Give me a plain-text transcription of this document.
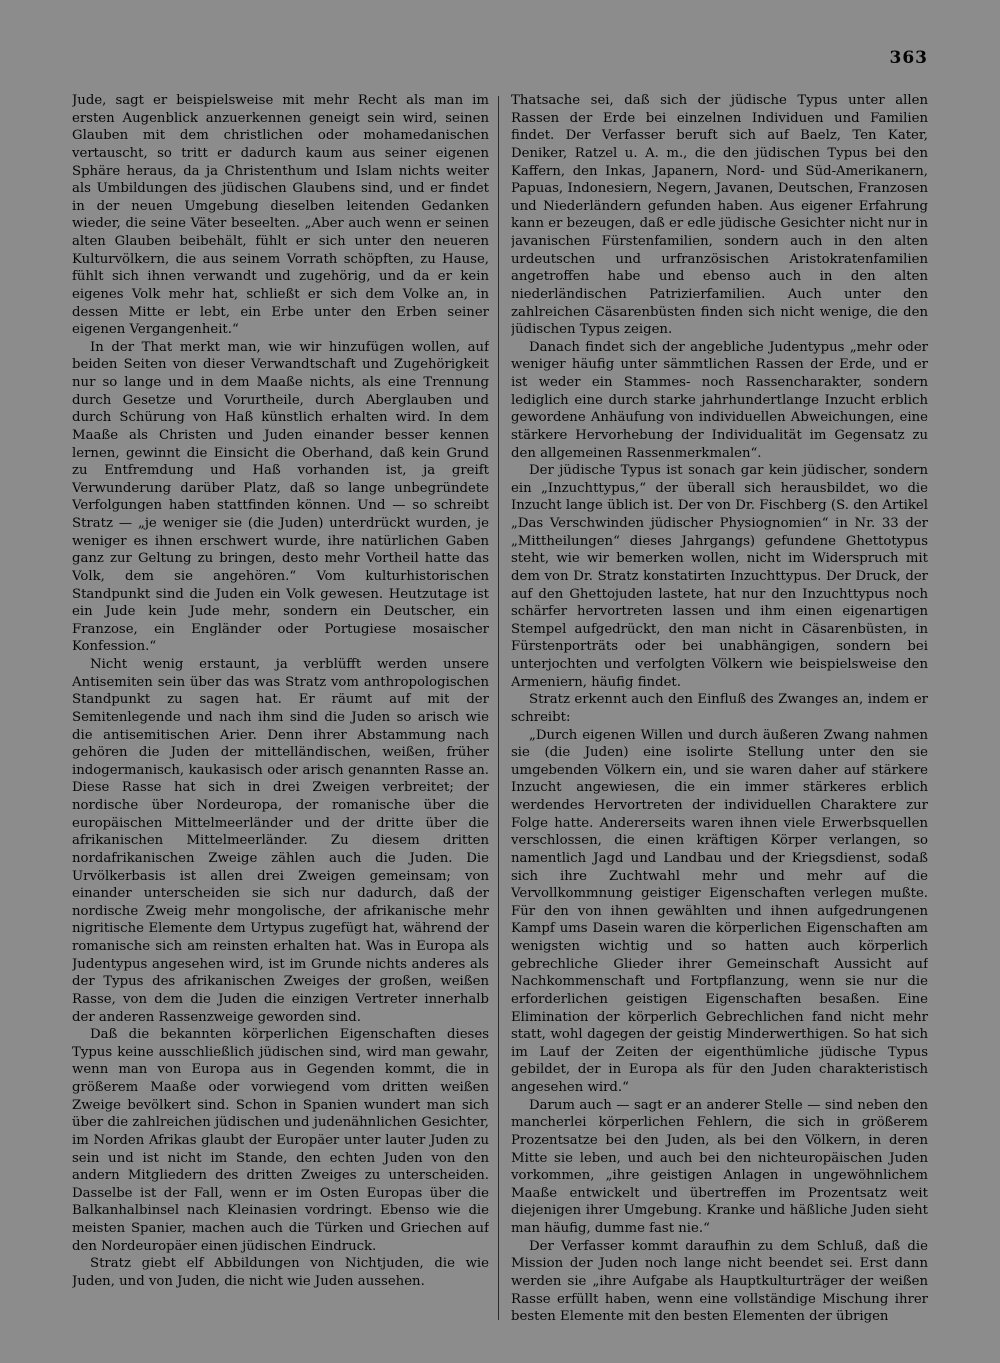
363

Jude, sagt er beispielsweise mit mehr Recht als man im ersten Augenblick anzuerkennen geneigt sein wird, seinen Glauben mit dem christlichen oder mohamedanischen vertauscht, so tritt er dadurch kaum aus seiner eigenen Sphäre heraus, da ja Christenthum und Islam nichts weiter als Umbildungen des jüdischen Glaubens sind, und er findet in der neuen Umgebung dieselben leitenden Gedanken wieder, die seine Väter beseelten. „Aber auch wenn er seinen alten Glauben beibehält, fühlt er sich unter den neueren Kulturvölkern, die aus seinem Vorrath schöpften, zu Hause, fühlt sich ihnen verwandt und zugehörig, und da er kein eigenes Volk mehr hat, schließt er sich dem Volke an, in dessen Mitte er lebt, ein Erbe unter den Erben seiner eigenen Vergangenheit.“

In der That merkt man, wie wir hinzufügen wollen, auf beiden Seiten von dieser Verwandtschaft und Zugehörigkeit nur so lange und in dem Maaße nichts, als eine Trennung durch Gesetze und Vorurtheile, durch Aberglauben und durch Schürung von Haß künstlich erhalten wird. In dem Maaße als Christen und Juden einander besser kennen lernen, gewinnt die Einsicht die Oberhand, daß kein Grund zu Entfremdung und Haß vorhanden ist, ja greift Verwunderung darüber Platz, daß so lange unbegründete Verfolgungen haben stattfinden können. Und — so schreibt Stratz — „je weniger sie (die Juden) unterdrückt wurden, je weniger es ihnen erschwert wurde, ihre natürlichen Gaben ganz zur Geltung zu bringen, desto mehr Vortheil hatte das Volk, dem sie angehören.“ Vom kulturhistorischen Standpunkt sind die Juden ein Volk gewesen. Heutzutage ist ein Jude kein Jude mehr, sondern ein Deutscher, ein Franzose, ein Engländer oder Portugiese mosaischer Konfession.“

Nicht wenig erstaunt, ja verblüfft werden unsere Antisemiten sein über das was Stratz vom anthropologischen Standpunkt zu sagen hat. Er räumt auf mit der Semitenlegende und nach ihm sind die Juden so arisch wie die antisemitischen Arier. Denn ihrer Abstammung nach gehören die Juden der mittelländischen, weißen, früher indogermanisch, kaukasisch oder arisch genannten Rasse an. Diese Rasse hat sich in drei Zweigen verbreitet; der nordische über Nordeuropa, der romanische über die europäischen Mittelmeerländer und der dritte über die afrikanischen Mittelmeerländer. Zu diesem dritten nordafrikanischen Zweige zählen auch die Juden. Die Urvölkerbasis ist allen drei Zweigen gemeinsam; von einander unterscheiden sie sich nur dadurch, daß der nordische Zweig mehr mongolische, der afrikanische mehr nigritische Elemente dem Urtypus zugefügt hat, während der romanische sich am reinsten erhalten hat. Was in Europa als Judentypus angesehen wird, ist im Grunde nichts anderes als der Typus des afrikanischen Zweiges der großen, weißen Rasse, von dem die Juden die einzigen Vertreter innerhalb der anderen Rassenzweige geworden sind.

Daß die bekannten körperlichen Eigenschaften dieses Typus keine ausschließlich jüdischen sind, wird man gewahr, wenn man von Europa aus in Gegenden kommt, die in größerem Maaße oder vorwiegend vom dritten weißen Zweige bevölkert sind. Schon in Spanien wundert man sich über die zahlreichen jüdischen und judenähnlichen Gesichter, im Norden Afrikas glaubt der Europäer unter lauter Juden zu sein und ist nicht im Stande, den echten Juden von den andern Mitgliedern des dritten Zweiges zu unterscheiden. Dasselbe ist der Fall, wenn er im Osten Europas über die Balkanhalbinsel nach Kleinasien vordringt. Ebenso wie die meisten Spanier, machen auch die Türken und Griechen auf den Nordeuropäer einen jüdischen Eindruck.

Stratz giebt elf Abbildungen von Nichtjuden, die wie Juden, und von Juden, die nicht wie Juden aussehen.

Thatsache sei, daß sich der jüdische Typus unter allen Rassen der Erde bei einzelnen Individuen und Familien findet. Der Verfasser beruft sich auf Baelz, Ten Kater, Deniker, Ratzel u. A. m., die den jüdischen Typus bei den Kaffern, den Inkas, Japanern, Nord- und Süd-Amerikanern, Papuas, Indonesiern, Negern, Javanen, Deutschen, Franzosen und Niederländern gefunden haben. Aus eigener Erfahrung kann er bezeugen, daß er edle jüdische Gesichter nicht nur in javanischen Fürstenfamilien, sondern auch in den alten urdeutschen und urfranzösischen Aristokratenfamilien angetroffen habe und ebenso auch in den alten niederländischen Patrizierfamilien. Auch unter den zahlreichen Cäsarenbüsten finden sich nicht wenige, die den jüdischen Typus zeigen.

Danach findet sich der angebliche Judentypus „mehr oder weniger häufig unter sämmtlichen Rassen der Erde, und er ist weder ein Stammes- noch Rassencharakter, sondern lediglich eine durch starke jahrhundertlange Inzucht erblich gewordene Anhäufung von individuellen Abweichungen, eine stärkere Hervorhebung der Individualität im Gegensatz zu den allgemeinen Rassenmerkmalen“.

Der jüdische Typus ist sonach gar kein jüdischer, sondern ein „Inzuchttypus,“ der überall sich herausbildet, wo die Inzucht lange üblich ist. Der von Dr. Fischberg (S. den Artikel „Das Verschwinden jüdischer Physiognomien“ in Nr. 33 der „Mittheilungen“ dieses Jahrgangs) gefundene Ghettotypus steht, wie wir bemerken wollen, nicht im Widerspruch mit dem von Dr. Stratz konstatirten Inzuchttypus. Der Druck, der auf den Ghettojuden lastete, hat nur den Inzuchttypus noch schärfer hervortreten lassen und ihm einen eigenartigen Stempel aufgedrückt, den man nicht in Cäsarenbüsten, in Fürstenporträts oder bei unabhängigen, sondern bei unterjochten und verfolgten Völkern wie beispielsweise den Armeniern, häufig findet.

Stratz erkennt auch den Einfluß des Zwanges an, indem er schreibt:

„Durch eigenen Willen und durch äußeren Zwang nahmen sie (die Juden) eine isolirte Stellung unter den sie umgebenden Völkern ein, und sie waren daher auf stärkere Inzucht angewiesen, die ein immer stärkeres erblich werdendes Hervortreten der individuellen Charaktere zur Folge hatte. Andererseits waren ihnen viele Erwerbsquellen verschlossen, die einen kräftigen Körper verlangen, so namentlich Jagd und Landbau und der Kriegsdienst, sodaß sich ihre Zuchtwahl mehr und mehr auf die Vervollkommnung geistiger Eigenschaften verlegen mußte. Für den von ihnen gewählten und ihnen aufgedrungenen Kampf ums Dasein waren die körperlichen Eigenschaften am wenigsten wichtig und so hatten auch körperlich gebrechliche Glieder ihrer Gemeinschaft Aussicht auf Nachkommenschaft und Fortpflanzung, wenn sie nur die erforderlichen geistigen Eigenschaften besaßen. Eine Elimination der körperlich Gebrechlichen fand nicht mehr statt, wohl dagegen der geistig Minderwerthigen. So hat sich im Lauf der Zeiten der eigenthümliche jüdische Typus gebildet, der in Europa als für den Juden charakteristisch angesehen wird.“

Darum auch — sagt er an anderer Stelle — sind neben den mancherlei körperlichen Fehlern, die sich in größerem Prozentsatze bei den Juden, als bei den Völkern, in deren Mitte sie leben, und auch bei den nichteuropäischen Juden vorkommen, „ihre geistigen Anlagen in ungewöhnlichem Maaße entwickelt und übertreffen im Prozentsatz weit diejenigen ihrer Umgebung. Kranke und häßliche Juden sieht man häufig, dumme fast nie.“

Der Verfasser kommt daraufhin zu dem Schluß, daß die Mission der Juden noch lange nicht beendet sei. Erst dann werden sie „ihre Aufgabe als Hauptkulturträger der weißen Rasse erfüllt haben, wenn eine vollständige Mischung ihrer besten Elemente mit den besten Elementen der übrigen
